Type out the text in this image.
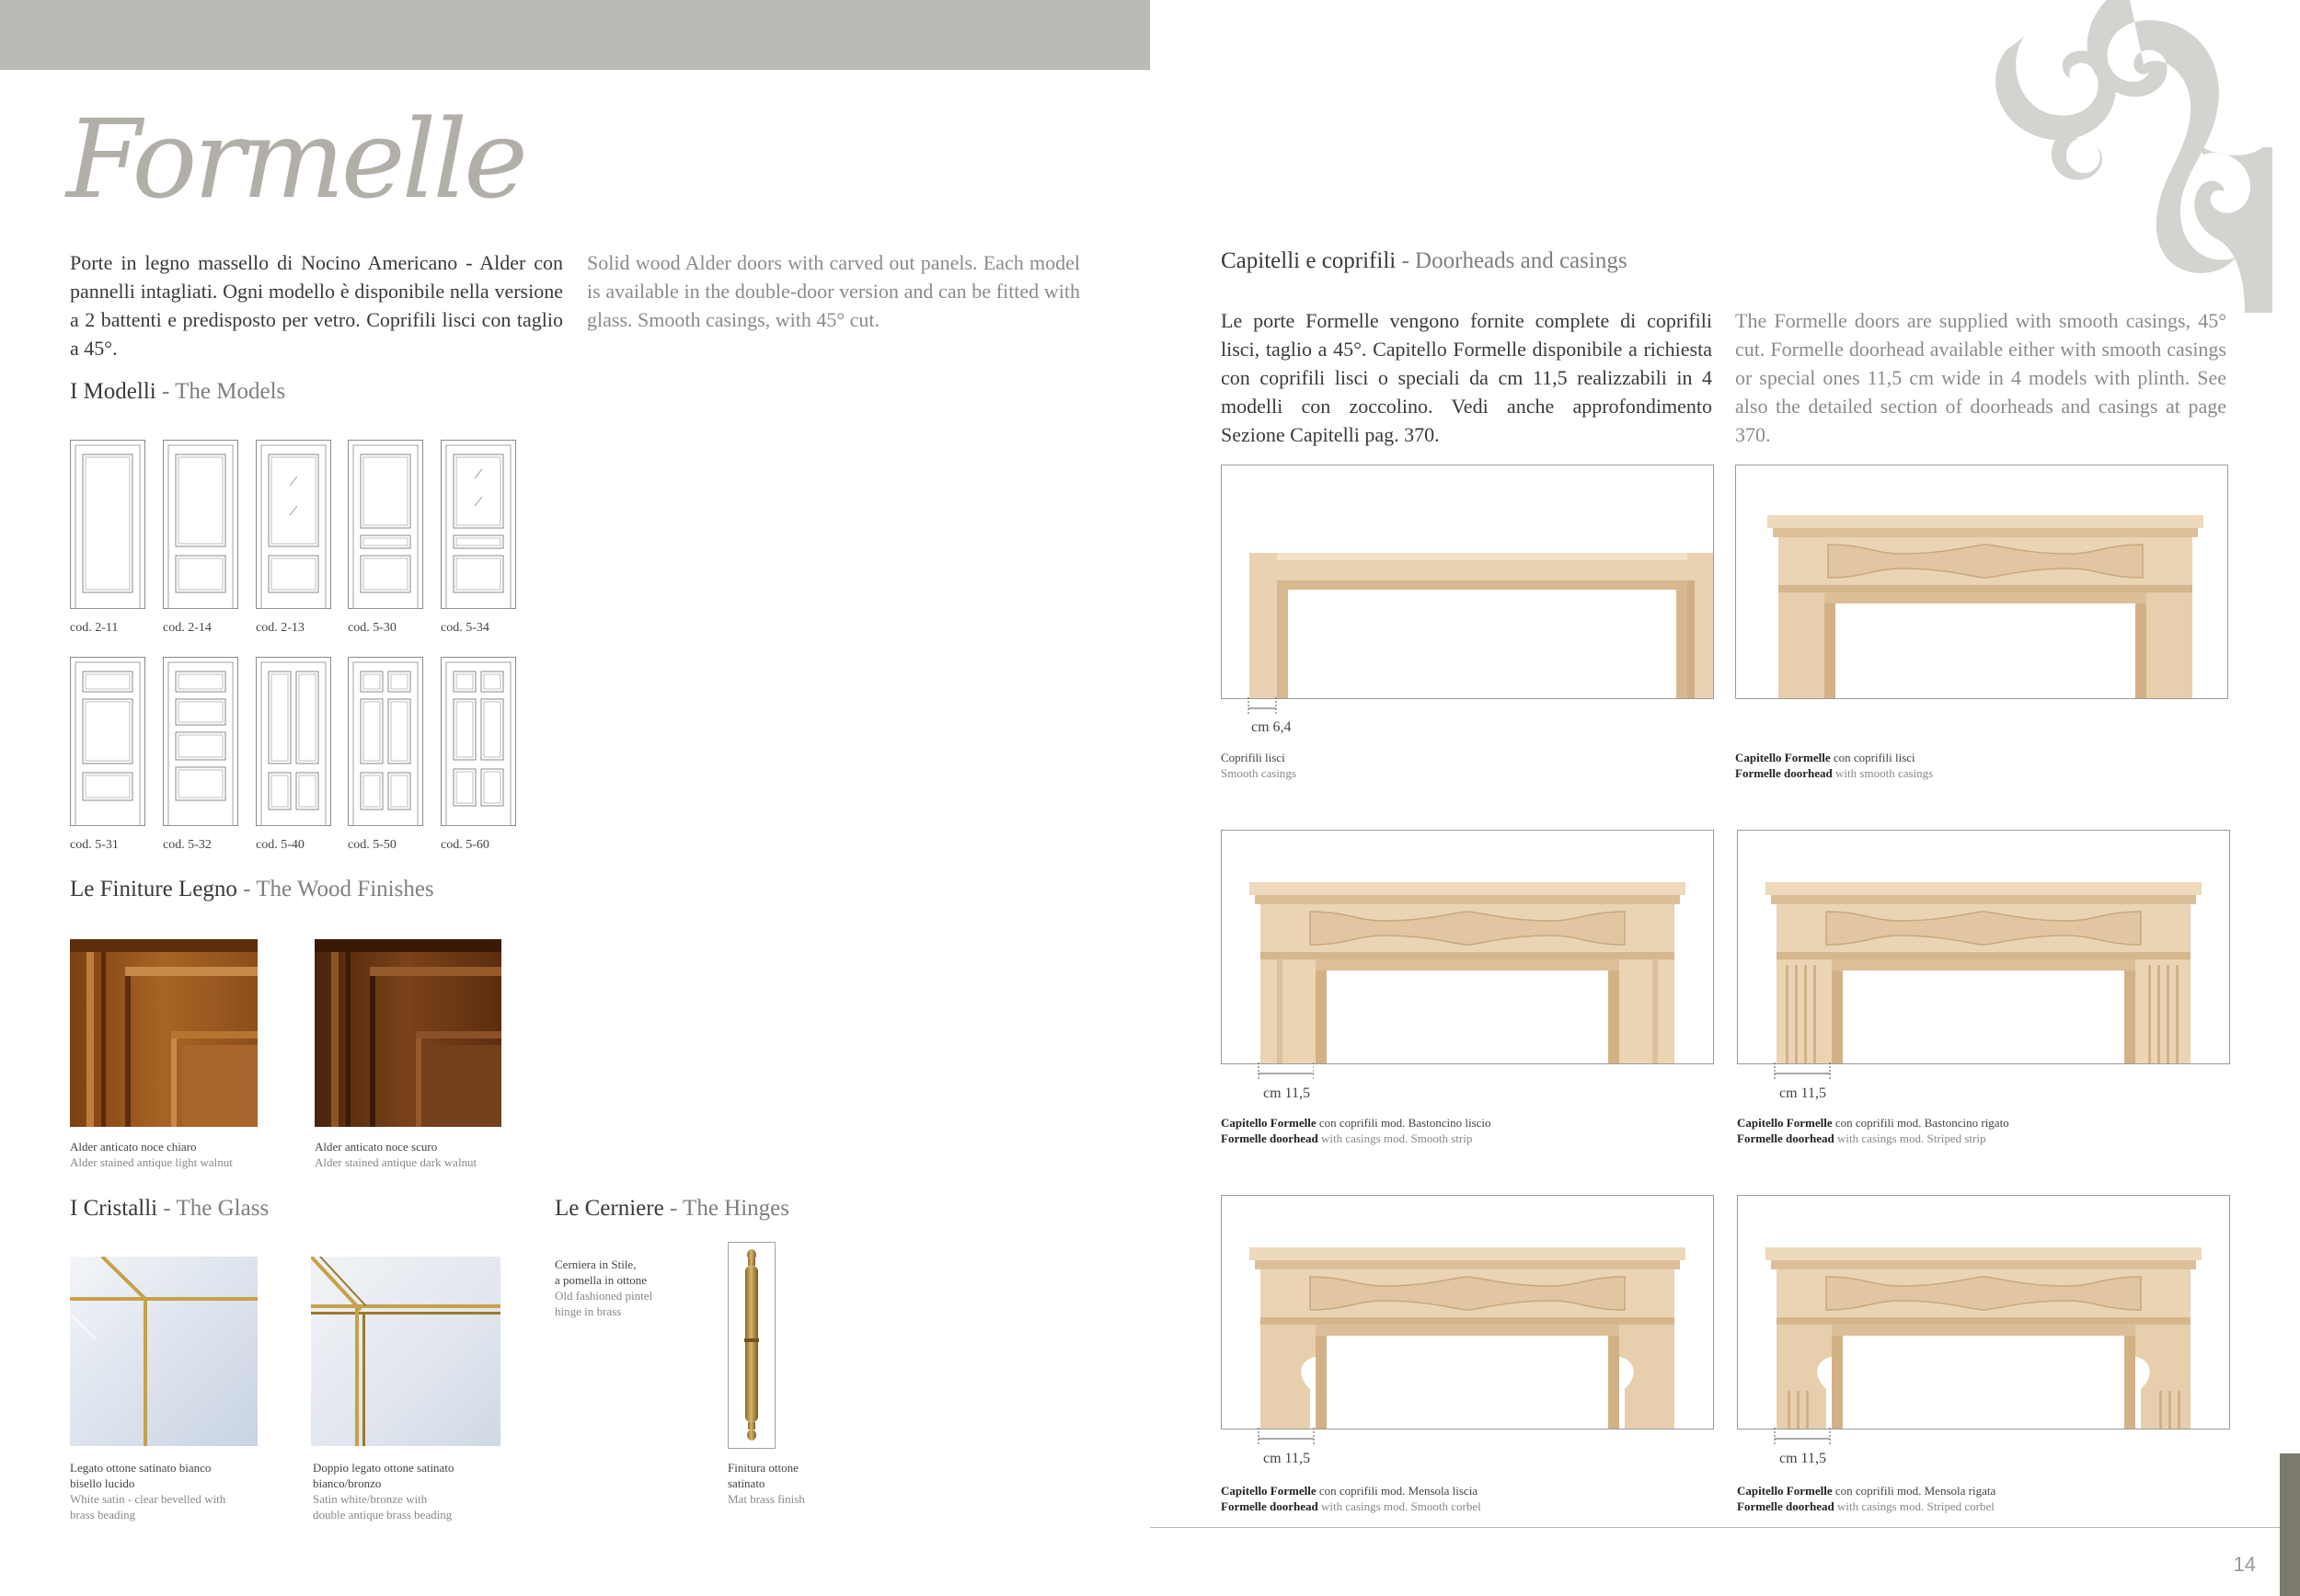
Formelle
Porte in legno massello di Nocino Americano - Alder con pannelli intagliati. Ogni modello è disponibile nella versione a 2 battenti e predisposto per vetro. Coprifili lisci con taglio a 45°.
Solid wood Alder doors with carved out panels. Each model is available in the double-door version and can be fitted with glass. Smooth casings, with 45° cut.
I Modelli - The Models
cod. 2-11	cod. 2-14	cod. 2-13	cod. 5-30	cod. 5-34
cod. 5-31	cod. 5-32	cod. 5-40	cod. 5-50	cod. 5-60
Le Finiture Legno - The Wood Finishes
Alder anticato noce chiaro
Alder stained antique light walnut
Alder anticato noce scuro
Alder stained antique dark walnut
I Cristalli - The Glass
Legato ottone satinato bianco
bisello lucido
White satin - clear bevelled with
brass beading
Doppio legato ottone satinato
bianco/bronzo
Satin white/bronze with
double antique brass beading
Le Cerniere - The Hinges
Cerniera in Stile,
a pomella in ottone
Old fashioned pintel
hinge in brass
Finitura ottone
satinato
Mat brass finish
Capitelli e coprifili - Doorheads and casings
Le porte Formelle vengono fornite complete di coprifili lisci, taglio a 45°. Capitello Formelle disponibile a richiesta con coprifili lisci o speciali da cm 11,5 realizzabili in 4 modelli con zoccolino. Vedi anche approfondimento Sezione Capitelli pag. 370.
The Formelle doors are supplied with smooth casings, 45° cut. Formelle doorhead available either with smooth casings or special ones 11,5 cm wide in 4 models with plinth. See also the detailed section of doorheads and casings at page 370.
cm 6,4
cm 11,5	cm 11,5
cm 11,5	cm 11,5
Coprifili lisci
Smooth casings
Capitello Formelle con coprifili lisci
Formelle doorhead with smooth casings
Capitello Formelle con coprifili mod. Bastoncino liscio
Formelle doorhead with casings mod. Smooth strip
Capitello Formelle con coprifili mod. Bastoncino rigato
Formelle doorhead with casings mod. Striped strip
Capitello Formelle con coprifili mod. Mensola liscia
Formelle doorhead with casings mod. Smooth corbel
Capitello Formelle con coprifili mod. Mensola rigata
Formelle doorhead with casings mod. Striped corbel
14
